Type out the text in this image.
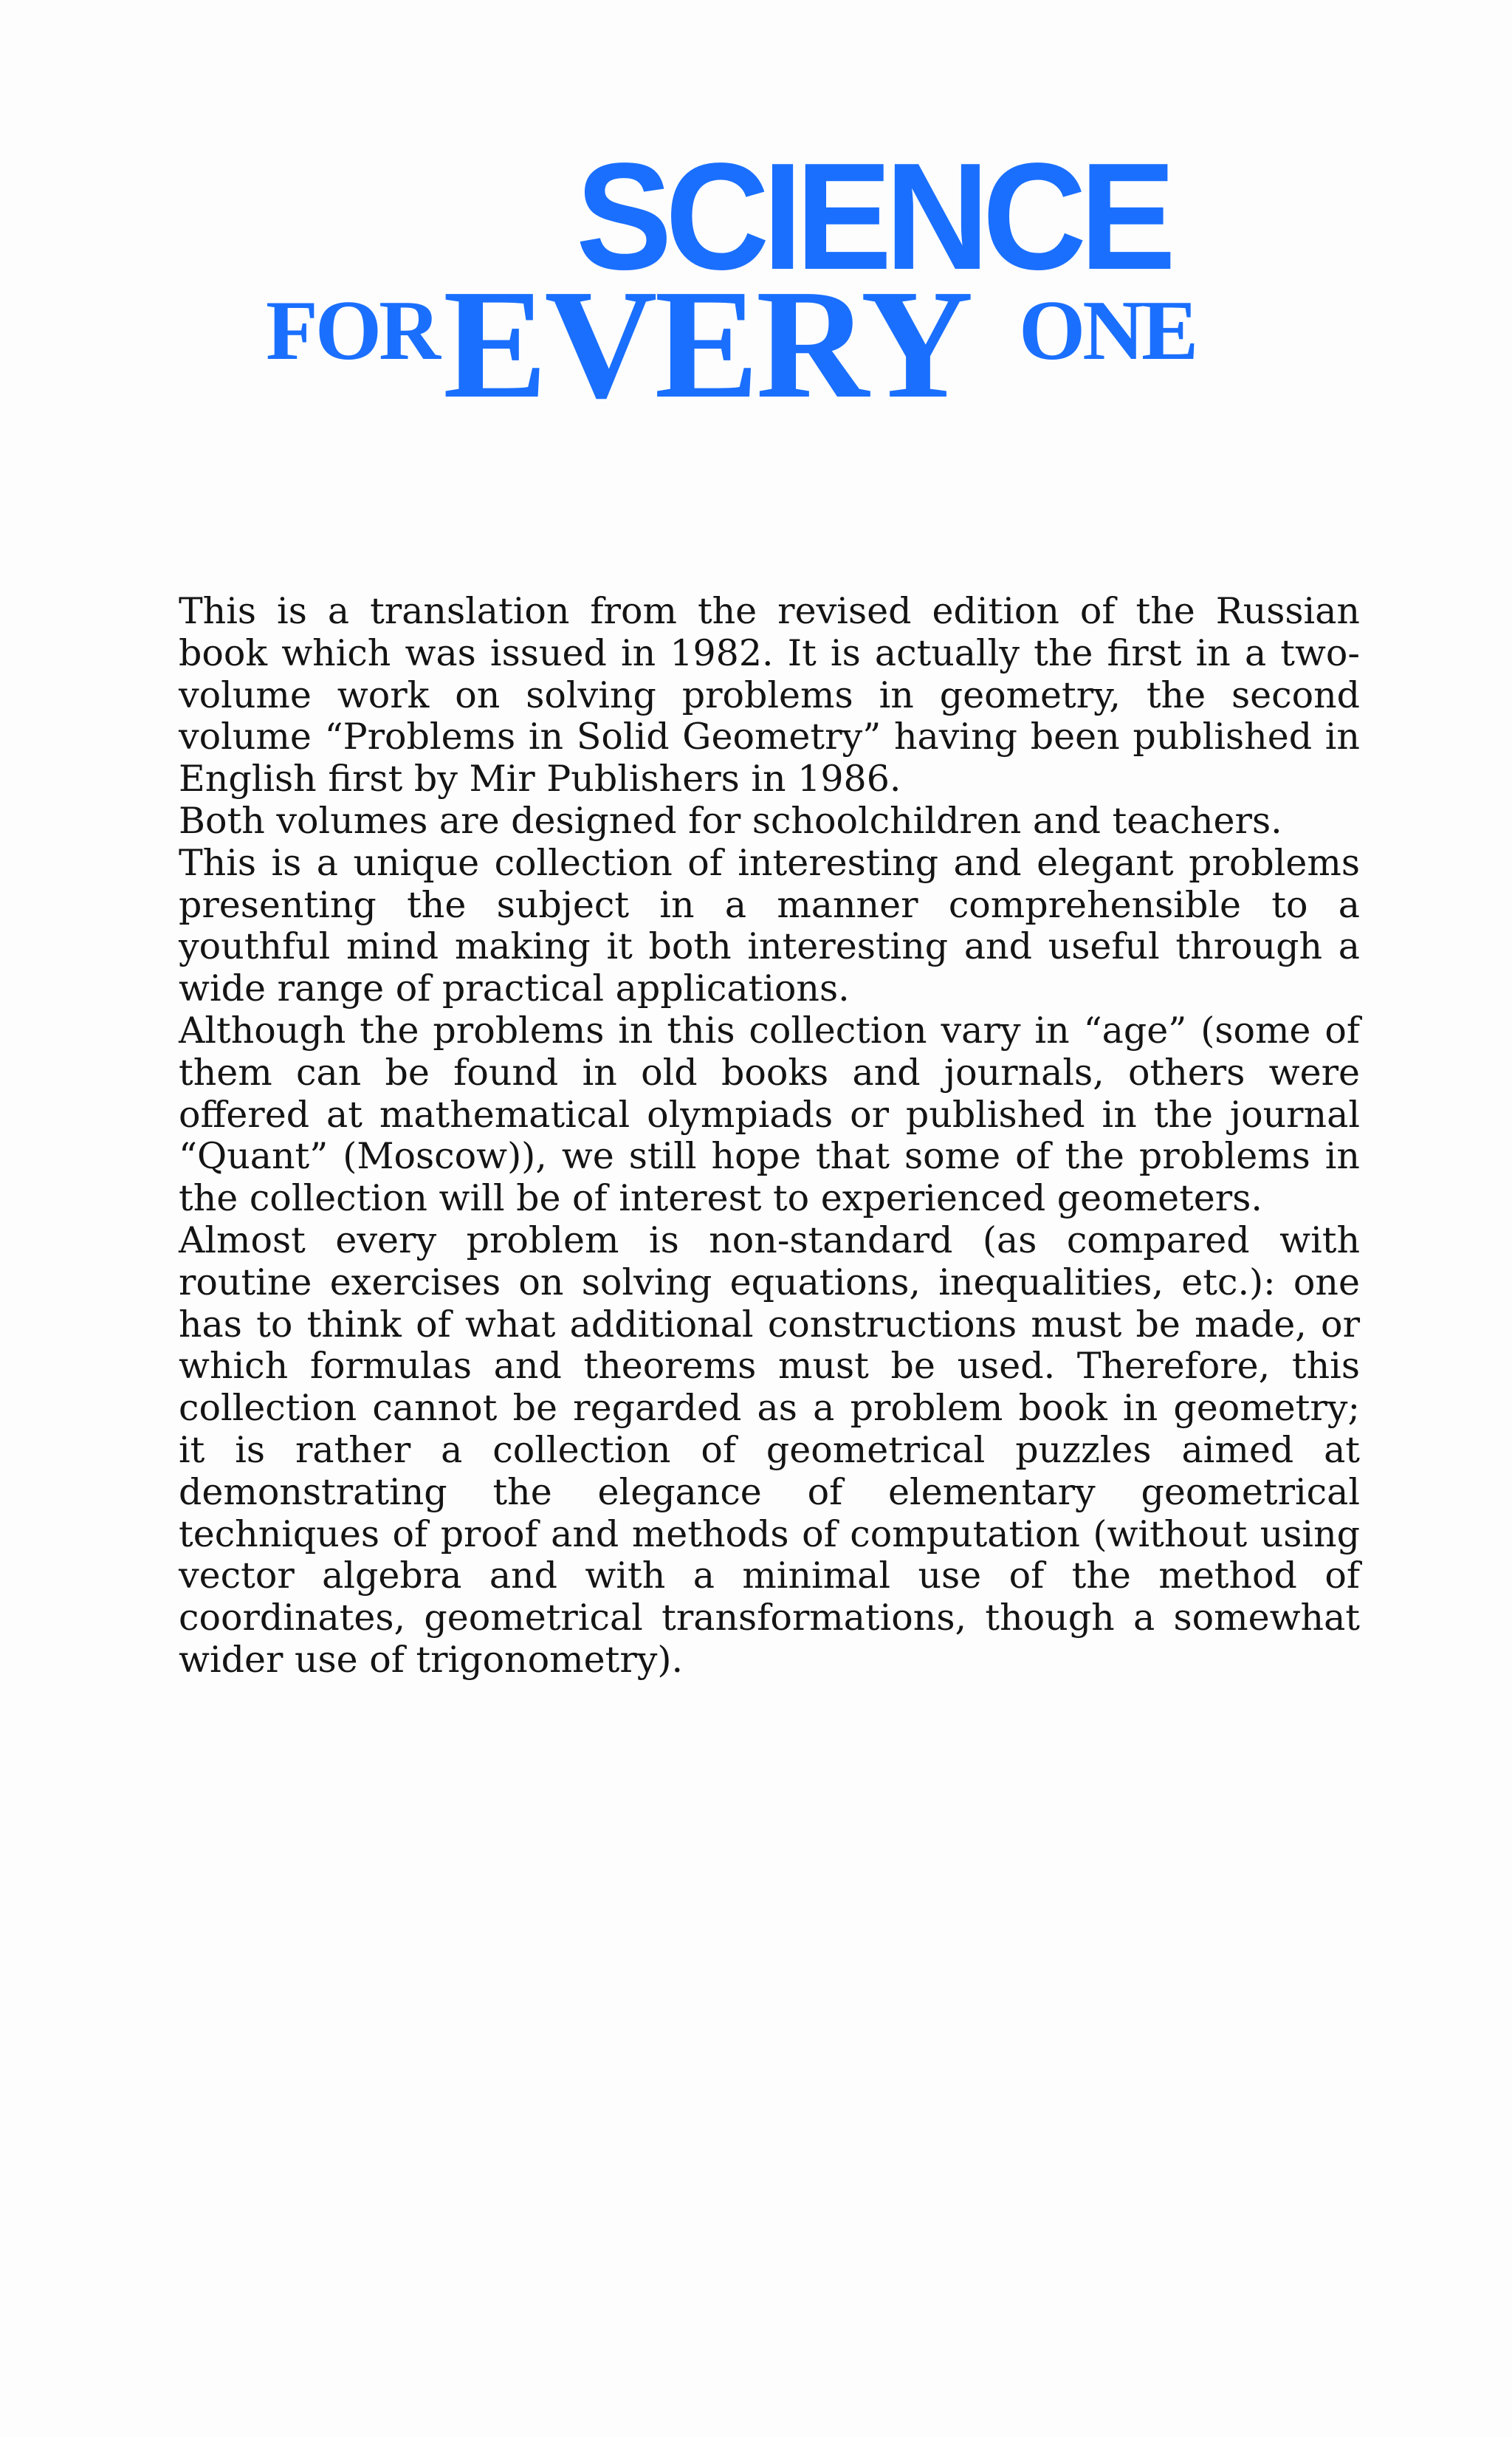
SCIENCE
FOR EVERY ONE

This is a translation from the revised edition of the Russian book which was issued in 1982. It is actually the first in a two-volume work on solving problems in geometry, the second volume “Problems in Solid Geometry” having been published in English first by Mir Publishers in 1986.

Both volumes are designed for schoolchildren and teachers.

This is a unique collection of interesting and elegant problems presenting the subject in a manner comprehensible to a youthful mind making it both interesting and useful through a wide range of practical applications.

Although the problems in this collection vary in “age” (some of them can be found in old books and journals, others were offered at mathematical olympiads or published in the journal “Quant” (Moscow)), we still hope that some of the problems in the collection will be of interest to experienced geometers.

Almost every problem is non-standard (as compared with routine exercises on solving equations, inequalities, etc.): one has to think of what additional constructions must be made, or which formulas and theorems must be used. Therefore, this collection cannot be regarded as a problem book in geometry; it is rather a collection of geometrical puzzles aimed at demonstrating the elegance of elementary geometrical techniques of proof and methods of computation (without using vector algebra and with a minimal use of the method of coordinates, geometrical transformations, though a somewhat wider use of trigonometry).
